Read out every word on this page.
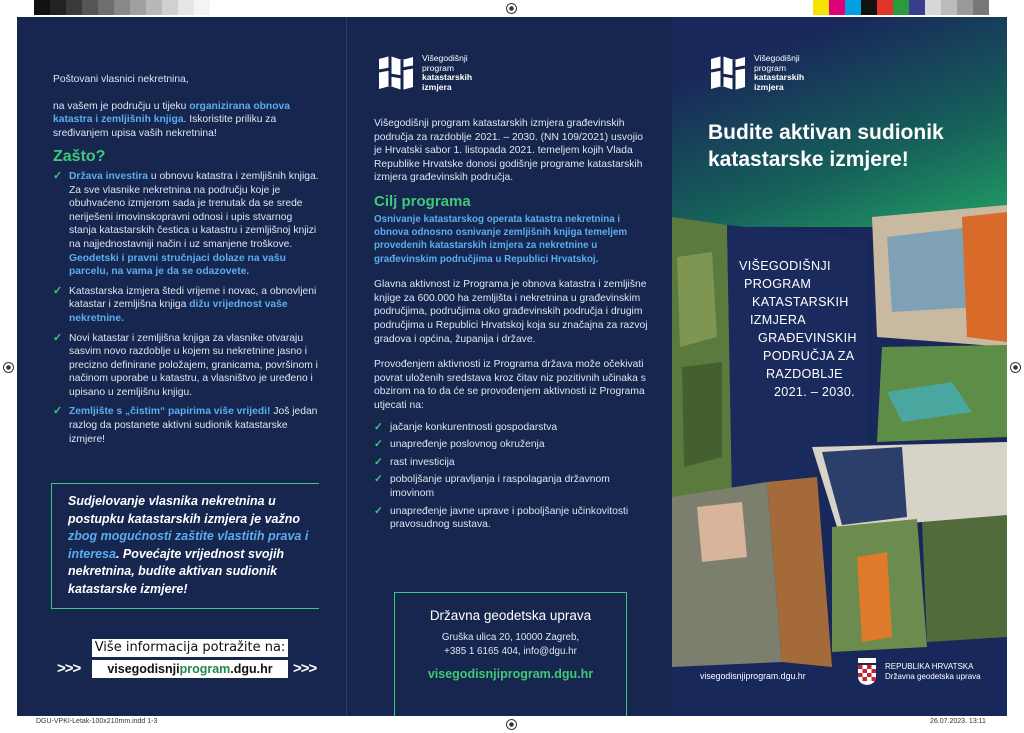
Poštovani vlasnici nekretnina,

na vašem je području u tijeku organizirana obnova katastra i zemljišnih knjiga. Iskoristite priliku za sređivanjem upisa vaših nekretnina!

Zašto?
✓ Država investira u obnovu katastra i zemljišnih knjiga. Za sve vlasnike nekretnina na području koje je obuhvaćeno izmjerom sada je trenutak da se srede neriješeni imovinskopravni odnosi i upis stvarnog stanja katastarskih čestica u katastru i zemljišnoj knjizi na najjednostavniji način i uz smanjene troškove. Geodetski i pravni stručnjaci dolaze na vašu parcelu, na vama je da se odazovete.
✓ Katastarska izmjera štedi vrijeme i novac, a obnovljeni katastar i zemljišna knjiga dižu vrijednost vaše nekretnine.
✓ Novi katastar i zemljišna knjiga za vlasnike otvaraju sasvim novo razdoblje u kojem su nekretnine jasno i precizno definirane položajem, granicama, površinom i načinom uporabe u katastru, a vlasništvo je uređeno i upisano u zemljišnu knjigu.
✓ Zemljište s „čistim“ papirima više vrijedi! Još jedan razlog da postanete aktivni sudionik katastarske izmjere!
Sudjelovanje vlasnika nekretnina u postupku katastarskih izmjera je važno zbog mogućnosti zaštite vlastitih prava i interesa. Povećajte vrijednost svojih nekretnina, budite aktivan sudionik katastarske izmjere!
Više informacija potražite na:
>>>	visegodisnjiprogram.dgu.hr	>>>
Višegodišnji
program
katastarskih
izmjera

Višegodišnji program katastarskih izmjera građevinskih područja za razdoblje 2021. – 2030. (NN 109/2021) usvojio je Hrvatski sabor 1. listopada 2021. temeljem kojih Vlada Republike Hrvatske donosi godišnje programe katastarskih izmjera građevinskih područja.

Cilj programa

Osnivanje katastarskog operata katastra nekretnina i obnova odnosno osnivanje zemljišnih knjiga temeljem provedenih katastarskih izmjera za nekretnine u građevinskim područjima u Republici Hrvatskoj.

Glavna aktivnost iz Programa je obnova katastra i zemljišne knjige za 600.000 ha zemljišta i nekretnina u građevinskim područjima, područjima oko građevinskih područja i drugim područjima u Republici Hrvatskoj koja su značajna za razvoj gradova i općina, županija i države.

Provođenjem aktivnosti iz Programa država može očekivati povrat uloženih sredstava kroz čitav niz pozitivnih učinaka s obzirom na to da će se provođenjem aktivnosti iz Programa utjecati na:

✓ jačanje konkurentnosti gospodarstva
✓ unapređenje poslovnog okruženja
✓ rast investicija
✓ poboljšanje upravljanja i raspolaganja državnom imovinom
✓ unapređenje javne uprave i poboljšanje učinkovitosti pravosudnog sustava.
Državna geodetska uprava
Gruška ulica 20, 10000 Zagreb,
+385 1 6165 404, info@dgu.hr
visegodisnjiprogram.dgu.hr
Višegodišnji
program
katastarskih
izmjera
Budite aktivan sudionik katastarske izmjere!
VIŠEGODIŠNJI
PROGRAM
KATASTARSKIH
IZMJERA
GRAĐEVINSKIH
PODRUČJA ZA
RAZDOBLJE
2021. – 2030.
visegodisnjiprogram.dgu.hr
REPUBLIKA HRVATSKA
Državna geodetska uprava
DGU-VPKI-Letak-100x210mm.indd 1-3	26.07.2023. 13:11
